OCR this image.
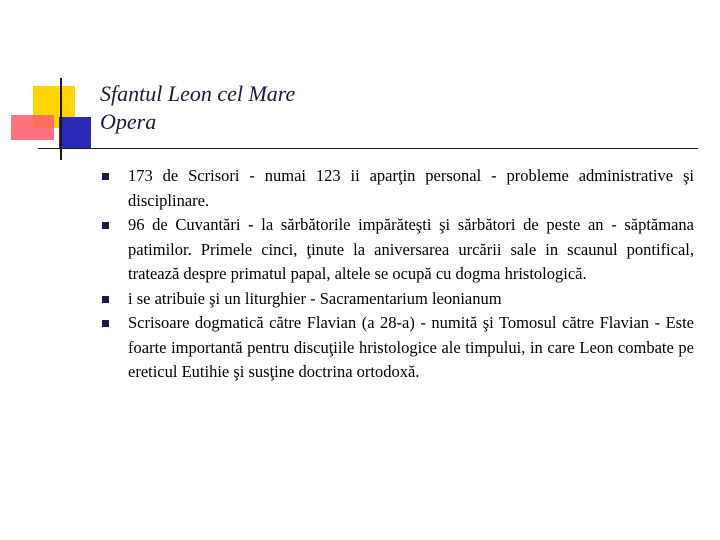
Sfantul Leon cel Mare
Opera
173 de Scrisori - numai 123 ii aparţin personal - probleme administrative şi disciplinare.
96 de Cuvantări - la sărbătorile impărăteşti şi sărbători de peste an - săptămana patimilor. Primele cinci, ţinute la aniversarea urcării sale in scaunul pontifical, tratează despre primatul papal, altele se ocupă cu dogma hristologică.
i se atribuie şi un liturghier - Sacramentarium leonianum
Scrisoare dogmatică către Flavian (a 28-a) - numită şi Tomosul către Flavian - Este foarte importantă pentru discuţiile hristologice ale timpului, in care Leon combate pe ereticul Eutihie şi susţine doctrina ortodoxă.
